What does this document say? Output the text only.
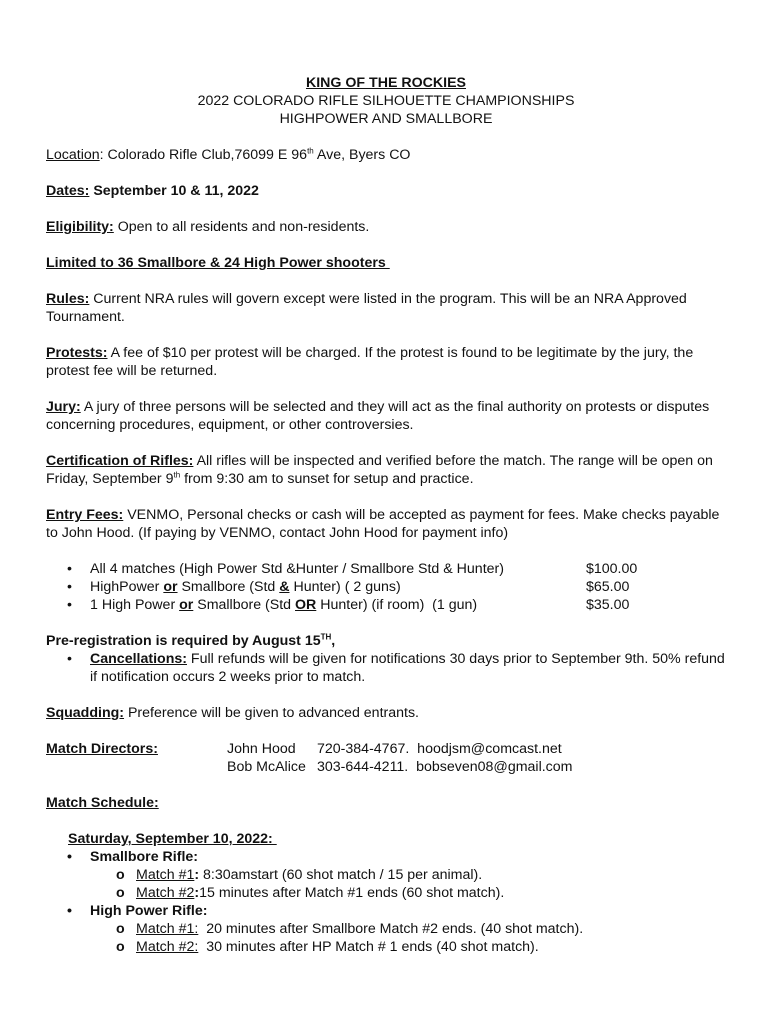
KING OF THE ROCKIES
2022 COLORADO RIFLE SILHOUETTE CHAMPIONSHIPS
HIGHPOWER AND SMALLBORE

Location: Colorado Rifle Club,76099 E 96th Ave, Byers CO

Dates: September 10 & 11, 2022

Eligibility: Open to all residents and non-residents.

Limited to 36 Smallbore & 24 High Power shooters

Rules: Current NRA rules will govern except were listed in the program. This will be an NRA Approved Tournament.

Protests: A fee of $10 per protest will be charged. If the protest is found to be legitimate by the jury, the protest fee will be returned.

Jury: A jury of three persons will be selected and they will act as the final authority on protests or disputes concerning procedures, equipment, or other controversies.

Certification of Rifles: All rifles will be inspected and verified before the match. The range will be open on Friday, September 9th from 9:30 am to sunset for setup and practice.

Entry Fees: VENMO, Personal checks or cash will be accepted as payment for fees. Make checks payable to John Hood. (If paying by VENMO, contact John Hood for payment info)

• All 4 matches (High Power Std &Hunter / Smallbore Std & Hunter)	$100.00
• HighPower or Smallbore (Std & Hunter) ( 2 guns)	$65.00
• 1 High Power or Smallbore (Std OR Hunter) (if room)  (1 gun)	$35.00

Pre-registration is required by August 15TH,

• Cancellations: Full refunds will be given for notifications 30 days prior to September 9th. 50% refund if notification occurs 2 weeks prior to match.

Squadding: Preference will be given to advanced entrants.

Match Directors:	John Hood	720-384-4767.  hoodjsm@comcast.net
Bob McAlice 303-644-4211.  bobseven08@gmail.com

Match Schedule:

Saturday, September 10, 2022:

• Smallbore Rifle:
o Match #1: 8:30amstart (60 shot match / 15 per animal).
o Match #2:15 minutes after Match #1 ends (60 shot match).
• High Power Rifle:
o Match #1:  20 minutes after Smallbore Match #2 ends. (40 shot match).
o Match #2:  30 minutes after HP Match # 1 ends (40 shot match).
